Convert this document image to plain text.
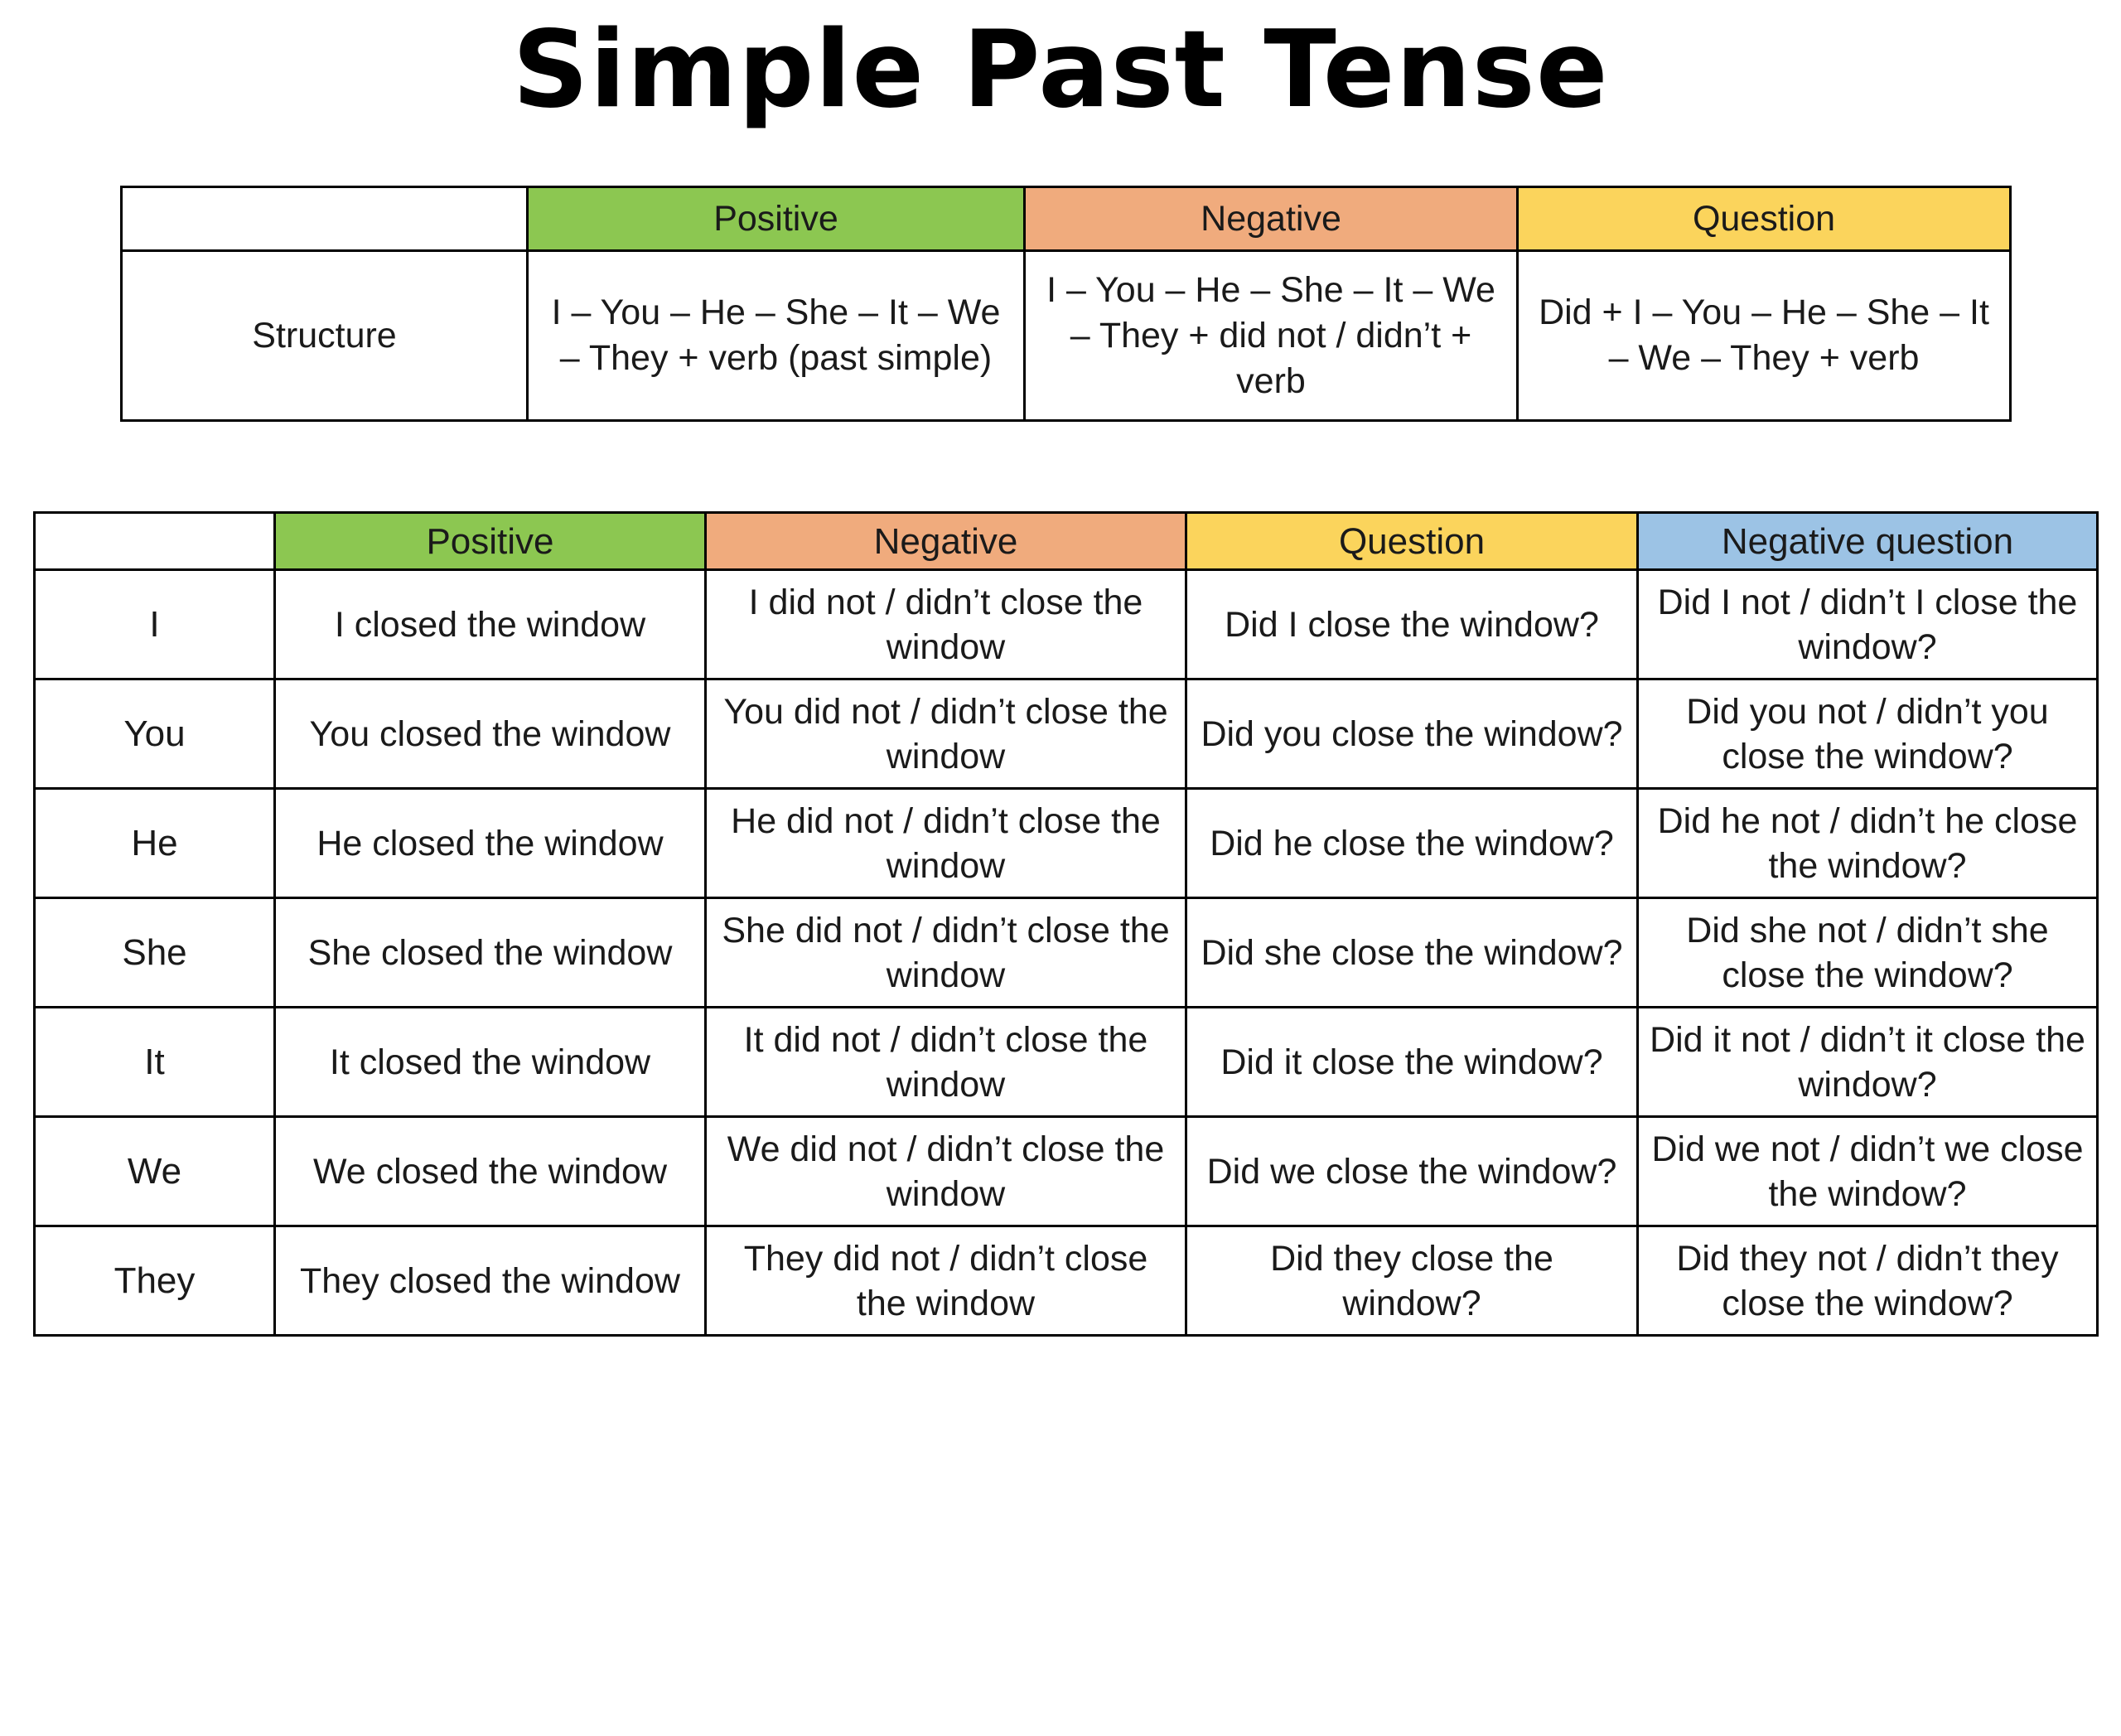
Simple Past Tense
	Positive	Negative	Question
Structure	I – You – He – She – It – We – They + verb (past simple)	I – You – He – She – It – We – They + did not / didn’t + verb	Did + I – You – He – She – It – We – They + verb
	Positive	Negative	Question	Negative question
I	I closed the window	I did not / didn’t close the window	Did I close the window?	Did I not / didn’t I close the window?
You	You closed the window	You did not / didn’t close the window	Did you close the window?	Did you not / didn’t you close the window?
He	He closed the window	He did not / didn’t close the window	Did he close the window?	Did he not / didn’t he close the window?
She	She closed the window	She did not / didn’t close the window	Did she close the window?	Did she not / didn’t she close the window?
It	It closed the window	It did not / didn’t close the window	Did it close the window?	Did it not / didn’t it close the window?
We	We closed the window	We did not / didn’t close the window	Did we close the window?	Did we not / didn’t we close the window?
They	They closed the window	They did not / didn’t close the window	Did they close the window?	Did they not / didn’t they close the window?
